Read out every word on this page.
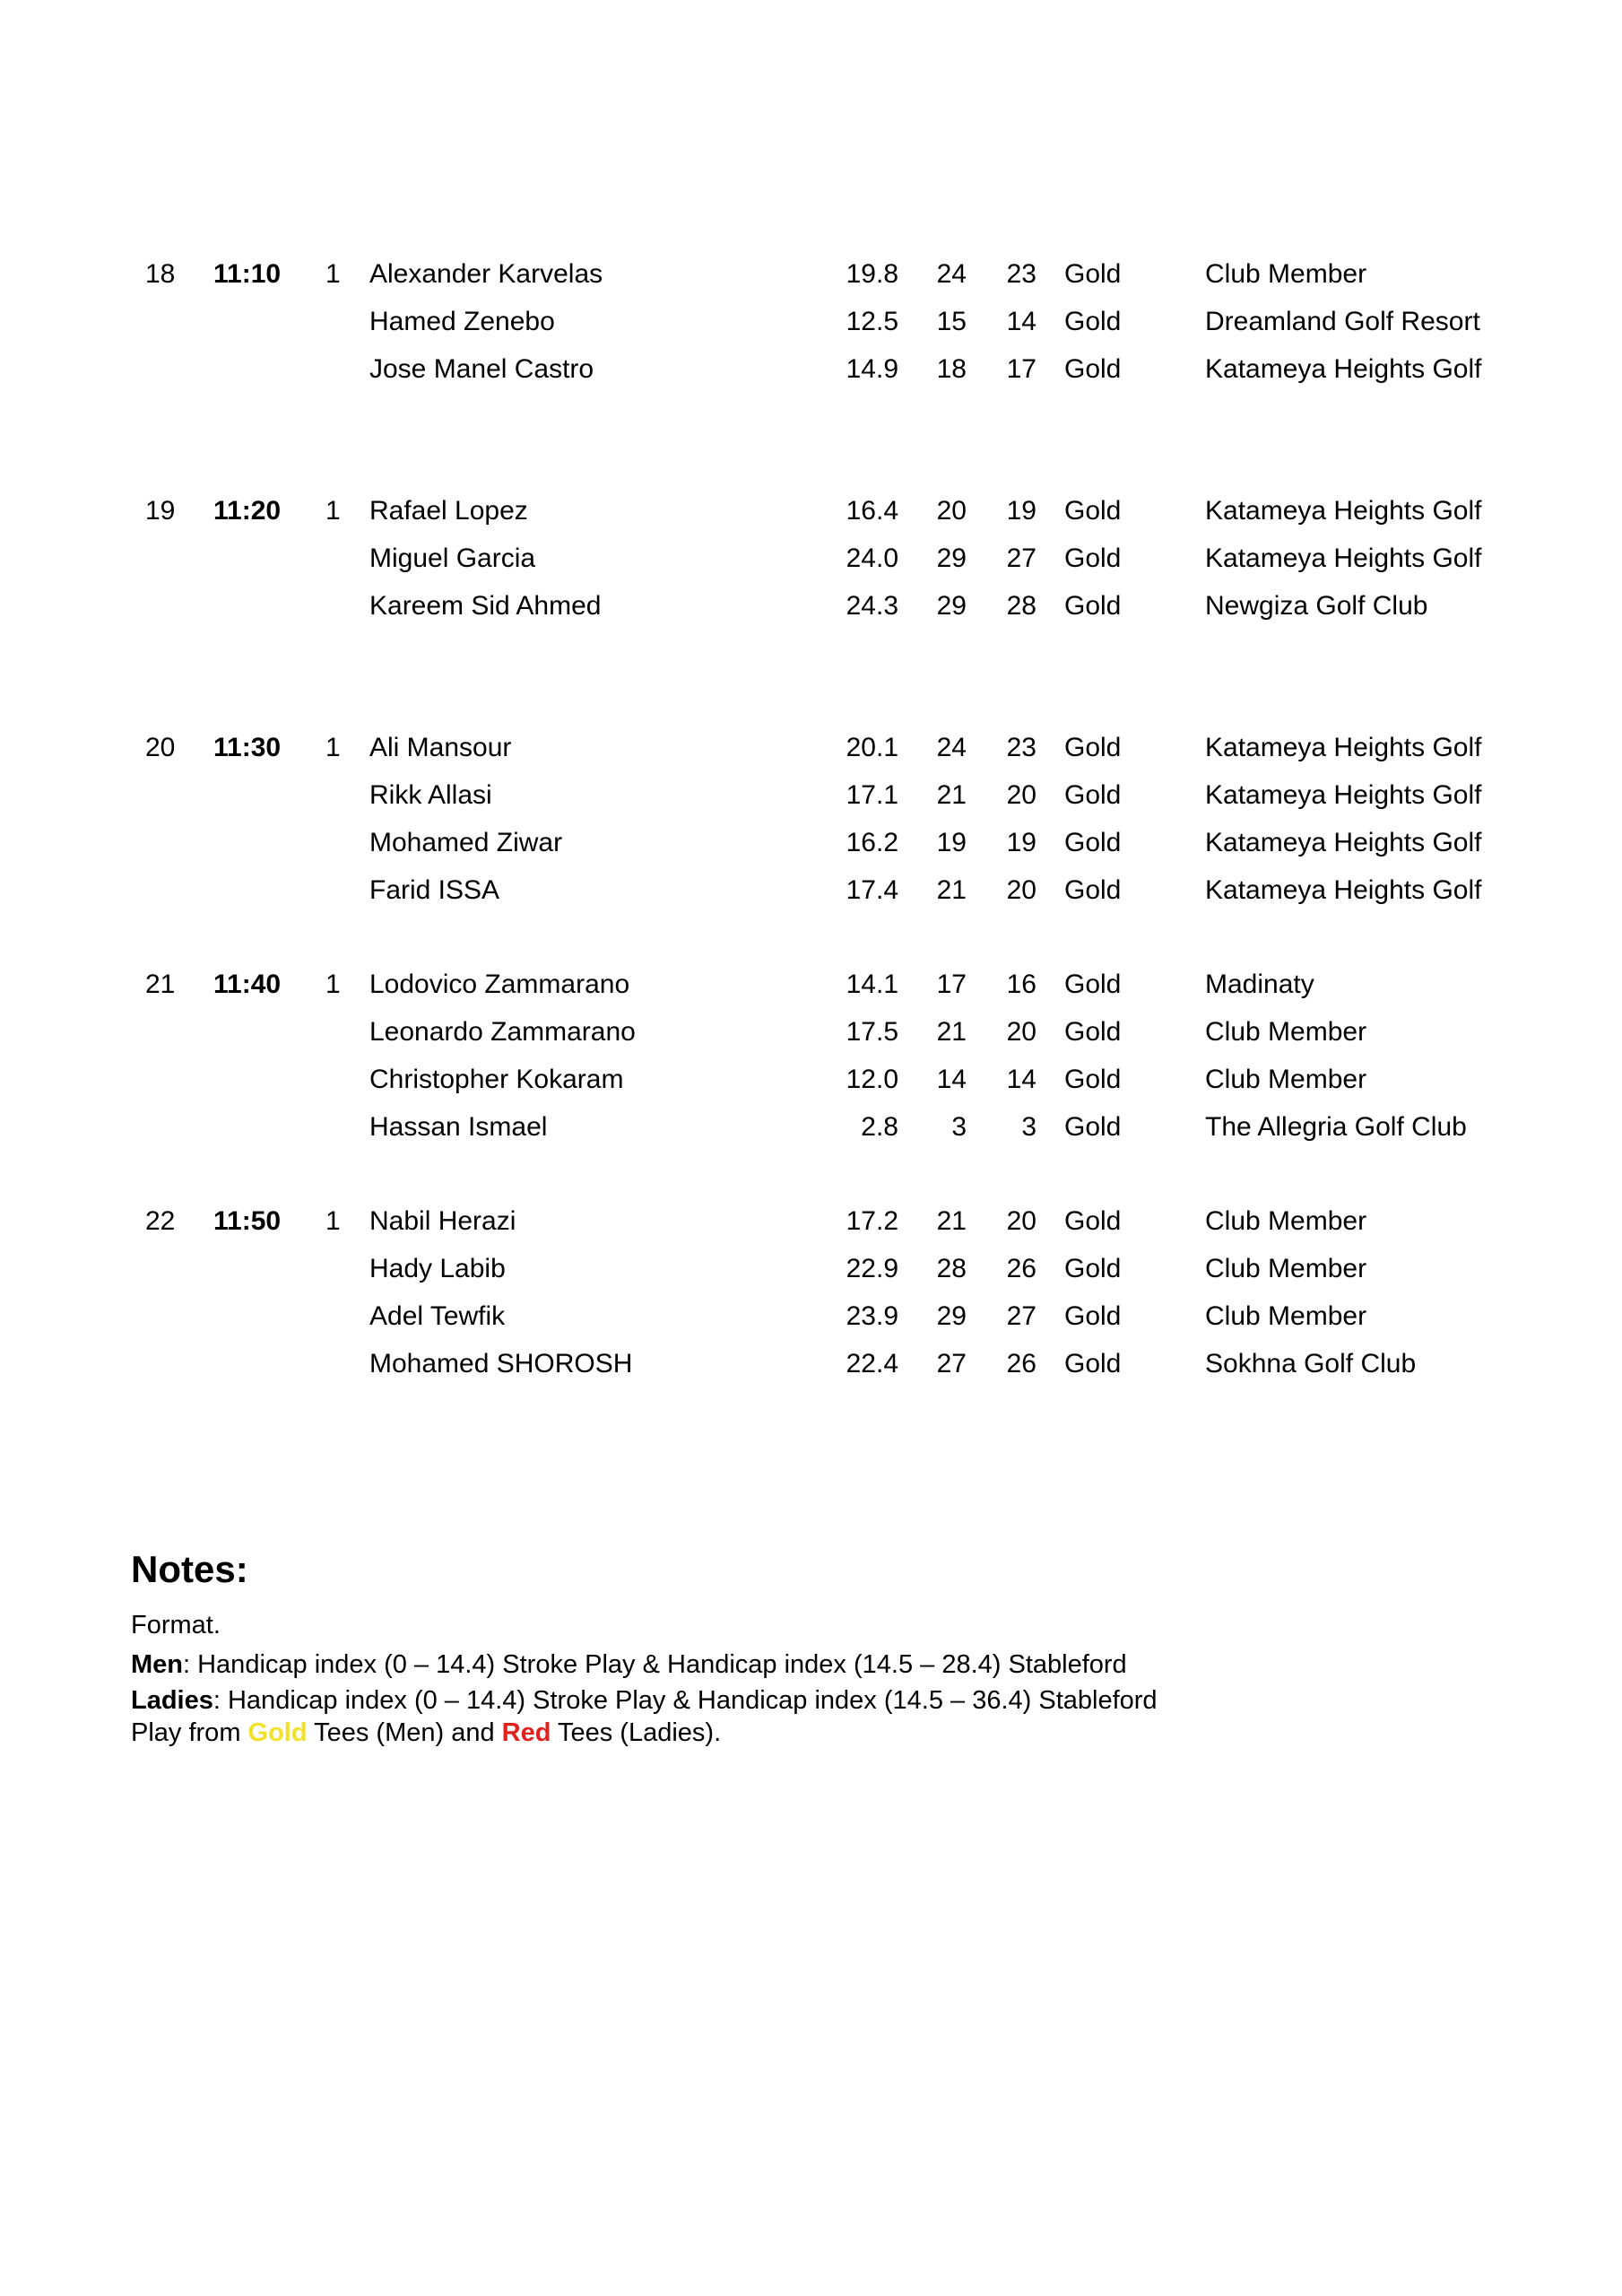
18 11:10 1 Alexander Karvelas	19.8	24	23 Gold	Club Member
Hamed Zenebo	12.5	15	14 Gold	Dreamland Golf Resort
Jose Manel Castro	14.9	18	17 Gold	Katameya Heights Golf
19 11:20 1 Rafael Lopez	16.4	20	19 Gold	Katameya Heights Golf
Miguel Garcia	24.0	29	27 Gold	Katameya Heights Golf
Kareem Sid Ahmed	24.3	29	28 Gold	Newgiza Golf Club
20 11:30 1 Ali Mansour	20.1	24	23 Gold	Katameya Heights Golf
Rikk Allasi	17.1	21	20 Gold	Katameya Heights Golf
Mohamed Ziwar	16.2	19	19 Gold	Katameya Heights Golf
Farid ISSA	17.4	21	20 Gold	Katameya Heights Golf
21 11:40 1 Lodovico Zammarano	14.1	17	16 Gold	Madinaty
Leonardo Zammarano	17.5	21	20 Gold	Club Member
Christopher Kokaram	12.0	14	14 Gold	Club Member
Hassan Ismael	2.8	3	3 Gold	The Allegria Golf Club
22 11:50 1 Nabil Herazi	17.2	21	20 Gold	Club Member
Hady Labib	22.9	28	26 Gold	Club Member
Adel Tewfik	23.9	29	27 Gold	Club Member
Mohamed SHOROSH	22.4	27	26 Gold	Sokhna Golf Club
Notes:
Format.
Men: Handicap index (0 – 14.4) Stroke Play & Handicap index (14.5 – 28.4) Stableford
Ladies: Handicap index (0 – 14.4) Stroke Play & Handicap index (14.5 – 36.4) Stableford
Play from Gold Tees (Men) and Red Tees (Ladies).
